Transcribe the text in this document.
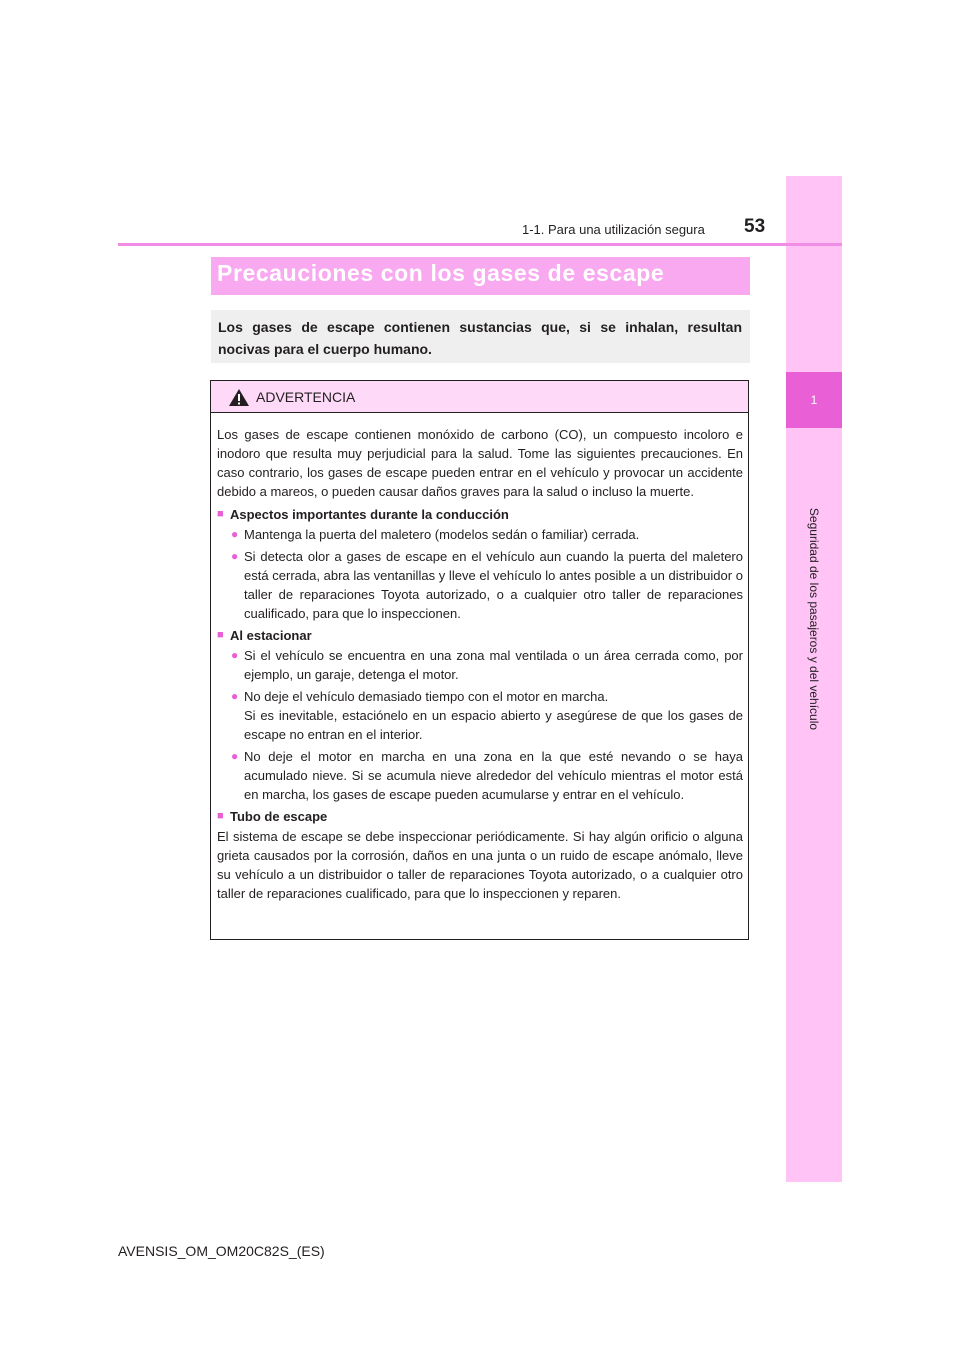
1
Seguridad de los pasajeros y del vehículo
53
1-1. Para una utilización segura
Precauciones con los gases de escape

Los gases de escape contienen sustancias que, si se inhalan, resultan nocivas para el cuerpo humano.

ADVERTENCIA

Los gases de escape contienen monóxido de carbono (CO), un compuesto incoloro e inodoro que resulta muy perjudicial para la salud. Tome las siguientes precauciones. En caso contrario, los gases de escape pueden entrar en el vehículo y provocar un accidente debido a mareos, o pueden causar daños graves para la salud o incluso la muerte.

■ Aspectos importantes durante la conducción
● Mantenga la puerta del maletero (modelos sedán o familiar) cerrada.
● Si detecta olor a gases de escape en el vehículo aun cuando la puerta del maletero está cerrada, abra las ventanillas y lleve el vehículo lo antes posible a un distribuidor o taller de reparaciones Toyota autorizado, o a cualquier otro taller de reparaciones cualificado, para que lo inspeccionen.
■ Al estacionar
● Si el vehículo se encuentra en una zona mal ventilada o un área cerrada como, por ejemplo, un garaje, detenga el motor.
● No deje el vehículo demasiado tiempo con el motor en marcha.
Si es inevitable, estaciónelo en un espacio abierto y asegúrese de que los gases de escape no entran en el interior.
● No deje el motor en marcha en una zona en la que esté nevando o se haya acumulado nieve. Si se acumula nieve alrededor del vehículo mientras el motor está en marcha, los gases de escape pueden acumularse y entrar en el vehículo.
■ Tubo de escape

El sistema de escape se debe inspeccionar periódicamente. Si hay algún orificio o alguna grieta causados por la corrosión, daños en una junta o un ruido de escape anómalo, lleve su vehículo a un distribuidor o taller de reparaciones Toyota autorizado, o a cualquier otro taller de reparaciones cualificado, para que lo inspeccionen y reparen.

AVENSIS_OM_OM20C82S_(ES)
